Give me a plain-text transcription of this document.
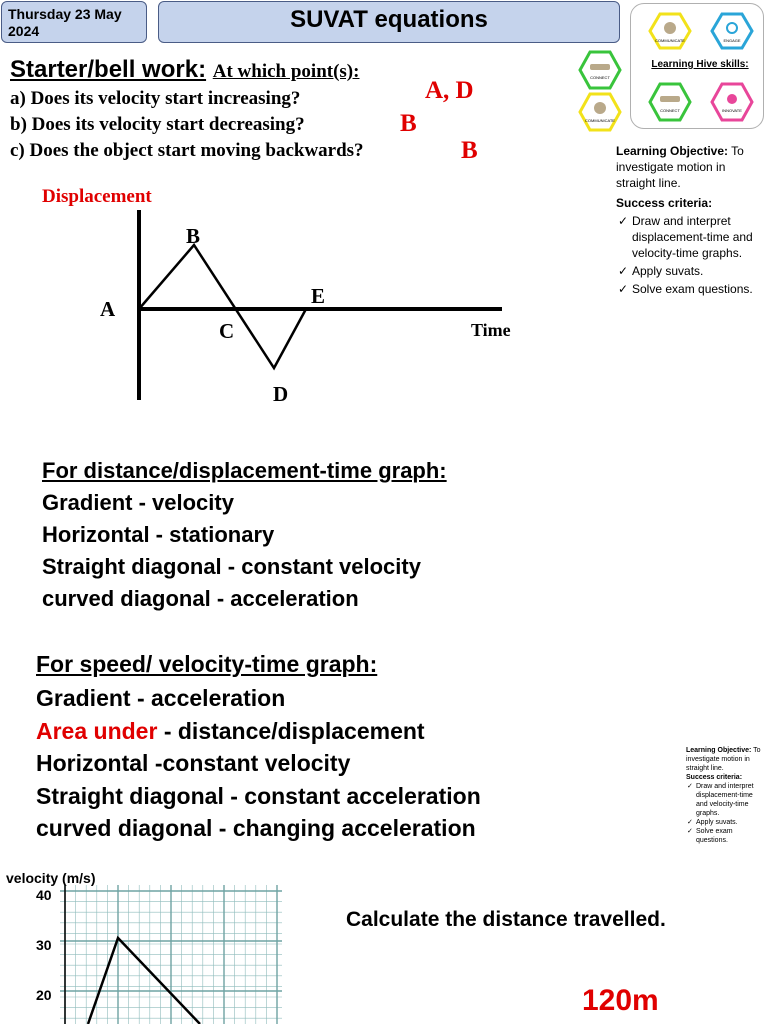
Thursday 23 May
2024	SUVAT equations
Starter/bell work: At which point(s):
a) Does its velocity start increasing?
b) Does its velocity start decreasing?
c) Does the object start moving backwards?
A, D
B
B
COMMUNICATE	ENGAGE
CONNECT
CONNECT	INNOVATE
COMMUNICATE
Learning Hive skills:
Learning Objective: To investigate motion in straight line.
Success criteria:
✓ Draw and interpret displacement-time and velocity-time graphs.
✓ Apply suvats.
✓ Solve exam questions.
Displacement
A
B
C
D
E
Time
For distance/displacement-time graph:
Gradient - velocity
Horizontal - stationary
Straight diagonal - constant velocity
curved diagonal - acceleration
For speed/ velocity-time graph:
Gradient - acceleration
Area under - distance/displacement
Horizontal -constant velocity
Straight diagonal - constant acceleration
curved diagonal - changing acceleration
Learning Objective: To investigate motion in straight line.
Success criteria:
✓ Draw and interpret displacement-time and velocity-time graphs.
✓ Apply suvats.
✓ Solve exam questions.
velocity (m/s)
40
30
20
Calculate the distance travelled.
120m
